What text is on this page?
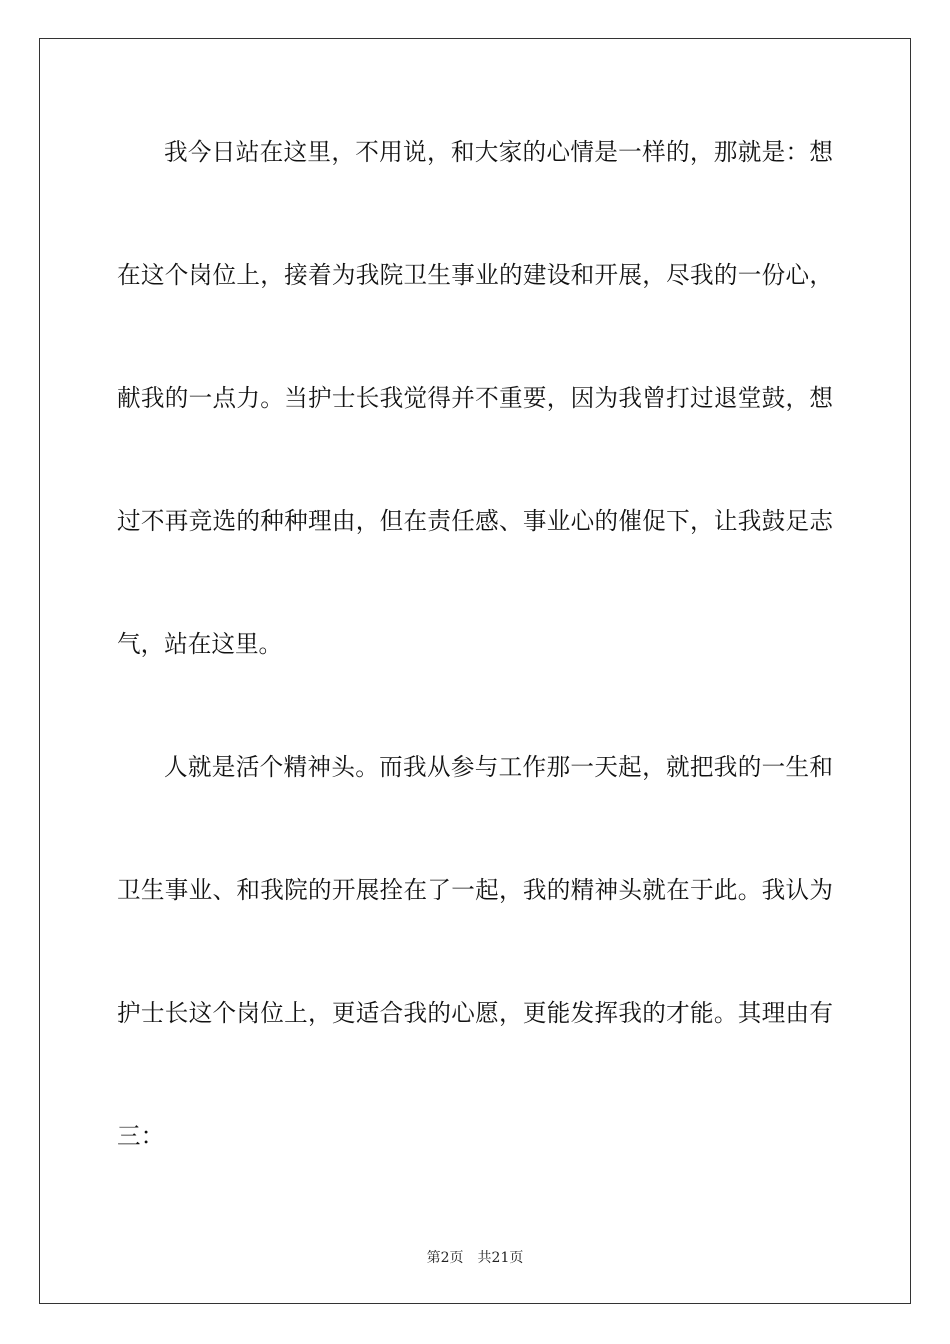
我今日站在这里，不用说，和大家的心情是一样的，那就是：想
在这个岗位上，接着为我院卫生事业的建设和开展，尽我的一份心，
献我的一点力。当护士长我觉得并不重要，因为我曾打过退堂鼓，想
过不再竞选的种种理由，但在责任感、事业心的催促下，让我鼓足志
气，站在这里。
人就是活个精神头。而我从参与工作那一天起，就把我的一生和
卫生事业、和我院的开展拴在了一起，我的精神头就在于此。我认为
护士长这个岗位上，更适合我的心愿，更能发挥我的才能。其理由有
三：
第2页 共21页
